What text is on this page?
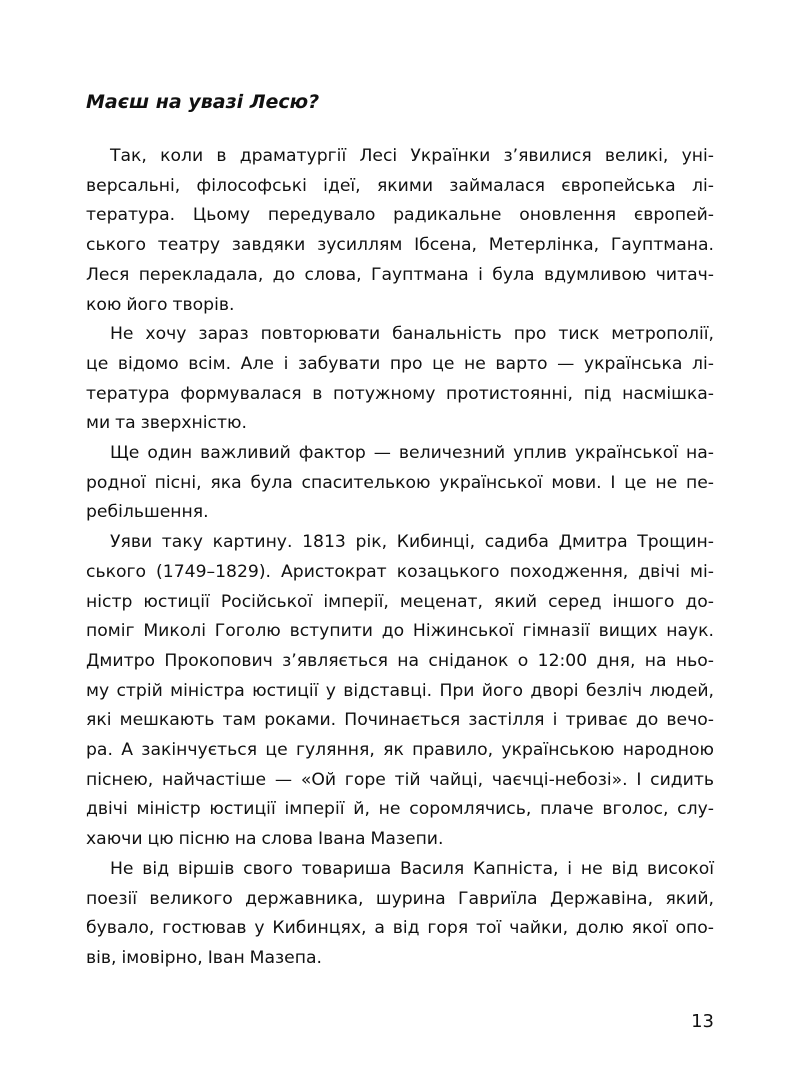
Маєш на увазі Лесю?

Так, коли в драматургії Лесі Українки з’явилися великі, уні-
версальні, філософські ідеї, якими займалася європейська лі-
тература. Цьому передувало радикальне оновлення європей-
ського театру завдяки зусиллям Ібсена, Метерлінка, Гауптмана.
Леся перекладала, до слова, Гауптмана і була вдумливою читач-
кою його творів.

Не хочу зараз повторювати банальність про тиск метрополії,
це відомо всім. Але і забувати про це не варто — українська лі-
тература формувалася в потужному протистоянні, під насмішка-
ми та зверхністю.

Ще один важливий фактор — величезний уплив української на-
родної пісні, яка була спасителькою української мови. І це не пе-
ребільшення.

Уяви таку картину. 1813 рік, Кибинці, садиба Дмитра Трощин-
ського (1749–1829). Аристократ козацького походження, двічі мі-
ністр юстиції Російської імперії, меценат, який серед іншого до-
поміг Миколі Гоголю вступити до Ніжинської гімназії вищих наук.
Дмитро Прокопович з’являється на сніданок о 12:00 дня, на ньо-
му стрій міністра юстиції у відставці. При його дворі безліч людей,
які мешкають там роками. Починається застілля і триває до вечо-
ра. А закінчується це гуляння, як правило, українською народною
піснею, найчастіше — «Ой горе тій чайці, чаєчці-небозі». І сидить
двічі міністр юстиції імперії й, не соромлячись, плаче вголос, слу-
хаючи цю пісню на слова Івана Мазепи.

Не від віршів свого товариша Василя Капніста, і не від високої
поезії великого державника, шурина Гавриїла Державіна, який,
бувало, гостював у Кибинцях, а від горя тої чайки, долю якої опо-
вів, імовірно, Іван Мазепа.

13
